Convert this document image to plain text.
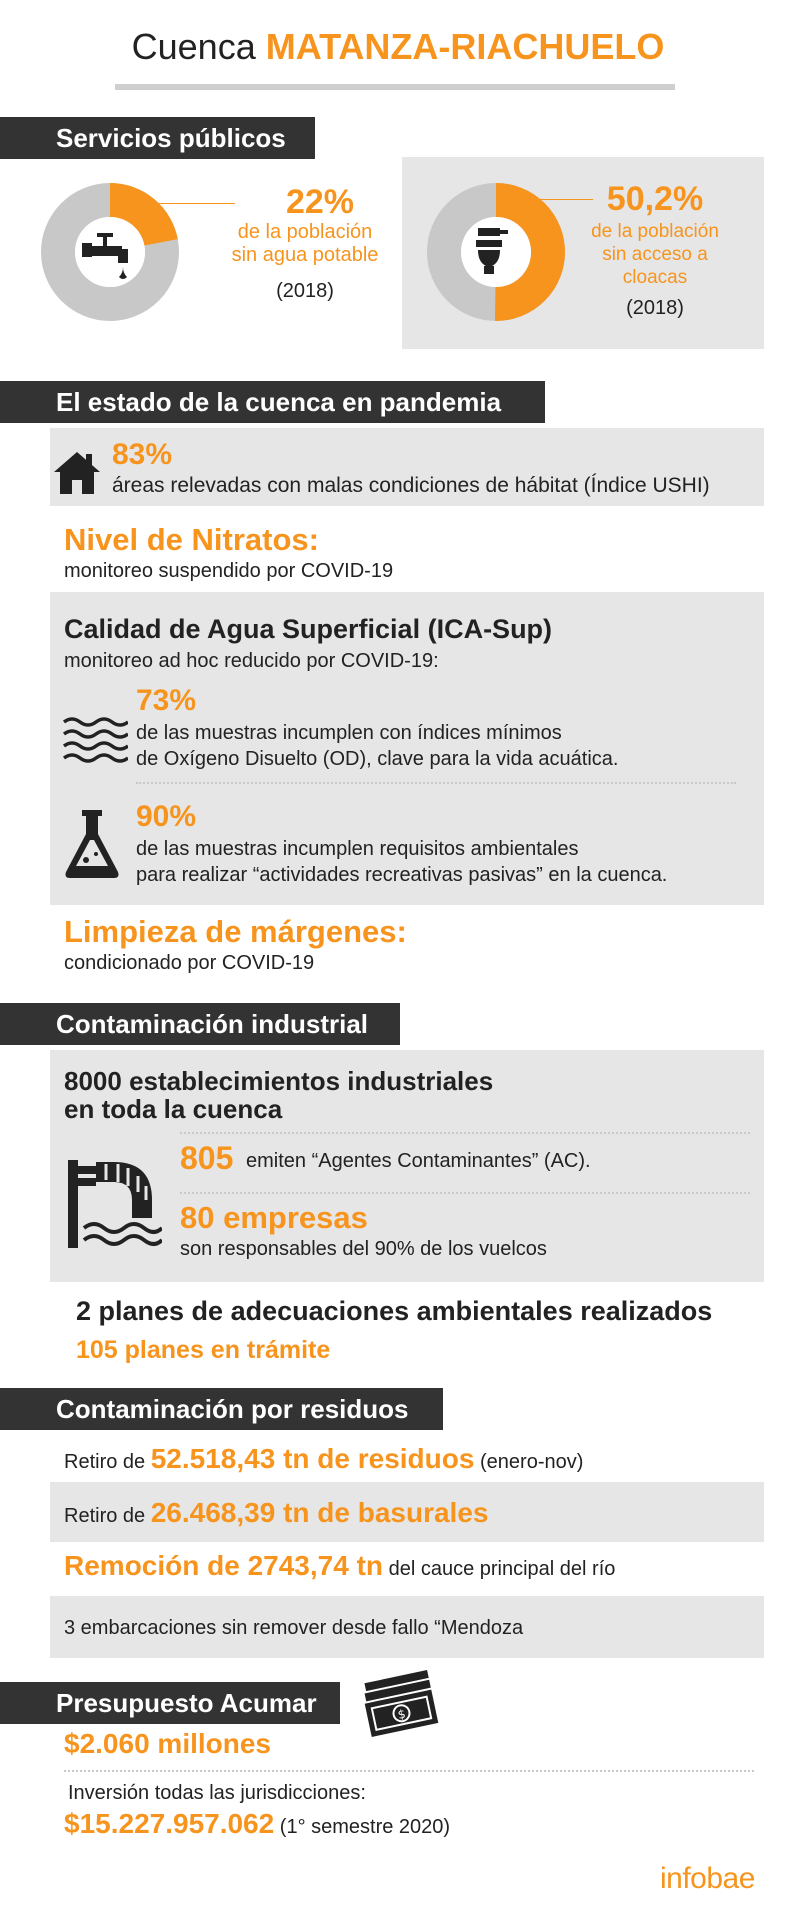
Cuenca MATANZA-RIACHUELO
Servicios públicos
22%
de la población
sin agua potable
(2018)
50,2%
de la población
sin acceso a
cloacas
(2018)
El estado de la cuenca en pandemia
83%
áreas relevadas con malas condiciones de hábitat (Índice USHI)
Nivel de Nitratos:
monitoreo suspendido por COVID-19
Calidad de Agua Superficial (ICA-Sup)
monitoreo ad hoc reducido por COVID-19:
73%
de las muestras incumplen con índices mínimos
de Oxígeno Disuelto (OD), clave para la vida acuática.
90%
de las muestras incumplen requisitos ambientales
para realizar “actividades recreativas pasivas” en la cuenca.
Limpieza de márgenes:
condicionado por COVID-19
Contaminación industrial
8000 establecimientos industriales
en toda la cuenca
805 emiten “Agentes Contaminantes” (AC).
80 empresas
son responsables del 90% de los vuelcos
2 planes de adecuaciones ambientales realizados
105 planes en trámite
Contaminación por residuos
Retiro de 52.518,43 tn de residuos (enero-nov)
Retiro de 26.468,39 tn de basurales
Remoción de 2743,74 tn del cauce principal del río
3 embarcaciones sin remover desde fallo “Mendoza
Presupuesto Acumar	$
$2.060 millones
Inversión todas las jurisdicciones:
$15.227.957.062 (1° semestre 2020)
infobae
